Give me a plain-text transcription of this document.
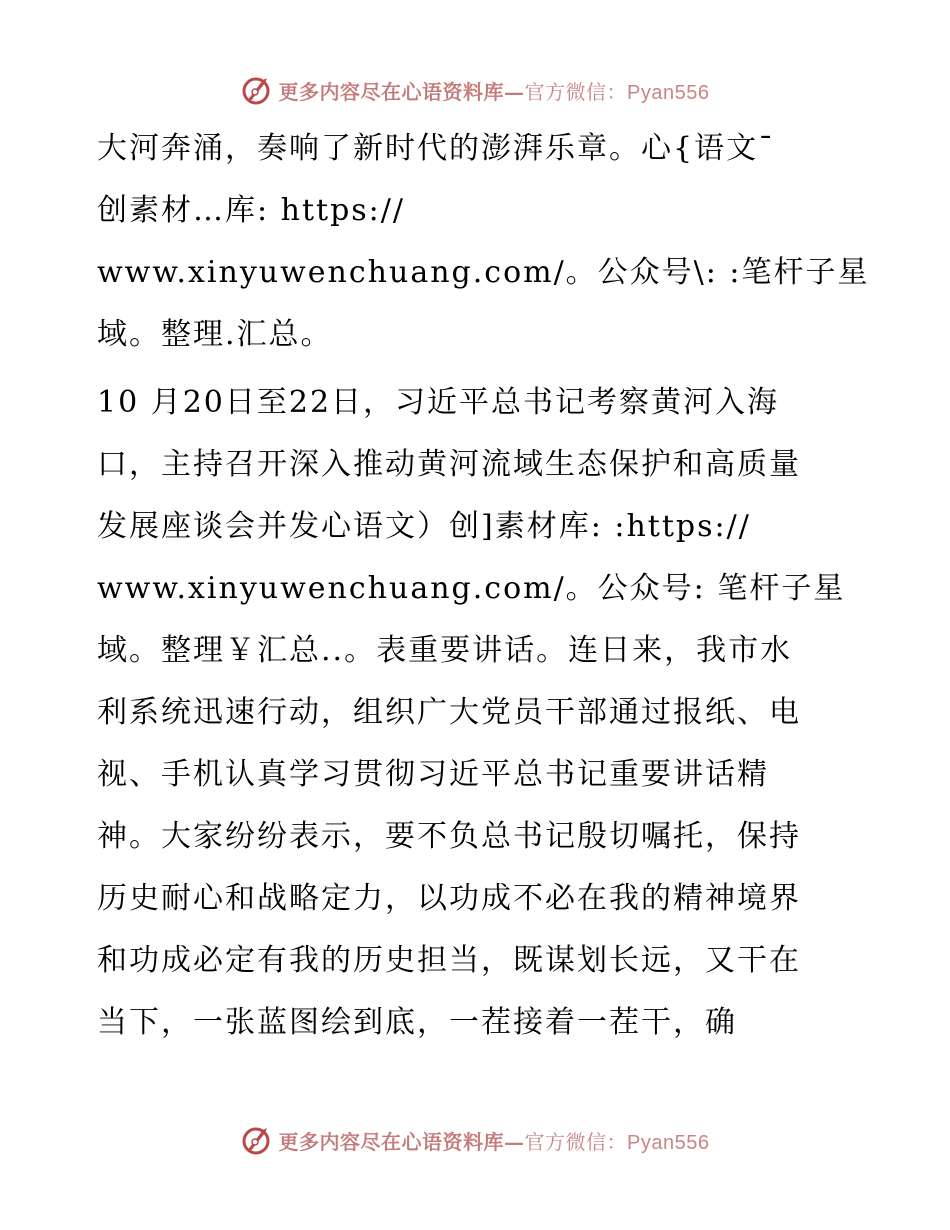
更多内容尽在心语资料库—官方微信：Pyan556
大河奔涌，奏响了新时代的澎湃乐章。心{语文¯
创素材…库: https://
www.xinyuwenchuang.com/。公众号\: :笔杆子星
域。整理.汇总。
10 月20日至22日，习近平总书记考察黄河入海
口，主持召开深入推动黄河流域生态保护和高质量
发展座谈会并发心语文）创]素材库: :https://
www.xinyuwenchuang.com/。公众号: 笔杆子星
域。整理￥汇总..。表重要讲话。连日来，我市水
利系统迅速行动，组织广大党员干部通过报纸、电
视、手机认真学习贯彻习近平总书记重要讲话精
神。大家纷纷表示，要不负总书记殷切嘱托，保持
历史耐心和战略定力，以功成不必在我的精神境界
和功成必定有我的历史担当，既谋划长远，又干在
当下，一张蓝图绘到底，一茬接着一茬干，确
更多内容尽在心语资料库—官方微信：Pyan556
